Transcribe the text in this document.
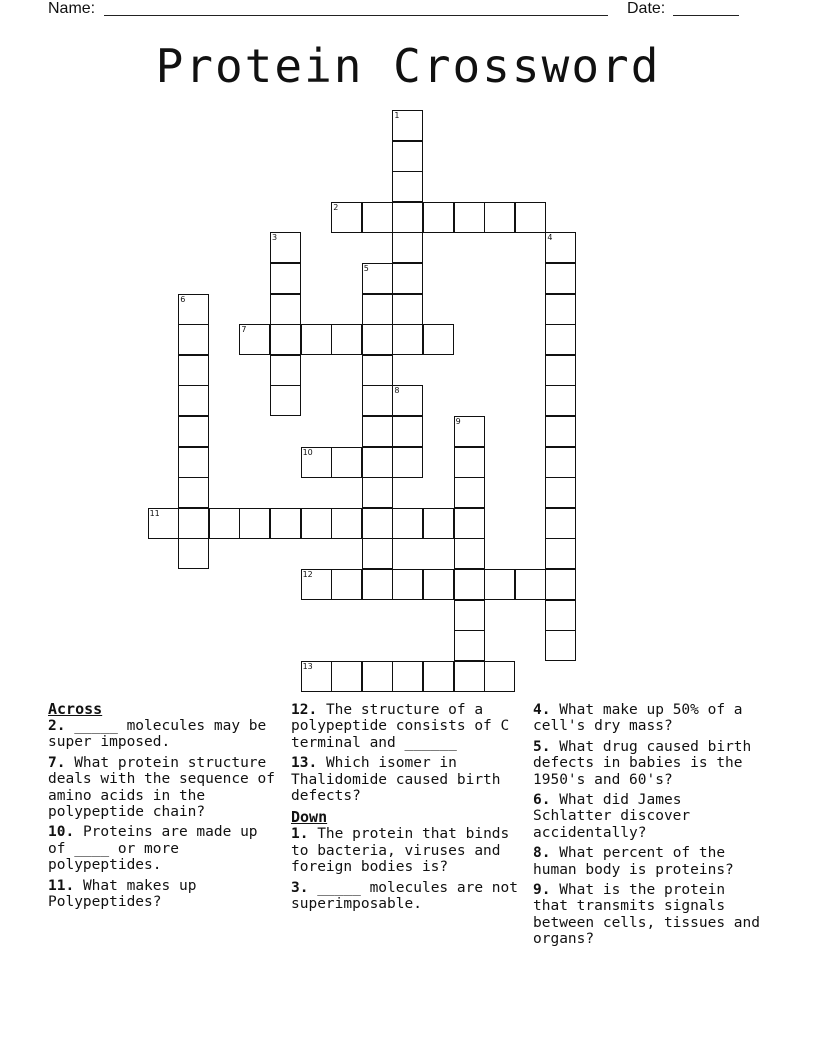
Name:	Date:
Protein Crossword
1
2
3	4
5
6
7
8
9
10
11
12
13
Across
2. _____ molecules may be super imposed.
7. What protein structure deals with the sequence of amino acids in the polypeptide chain?
10. Proteins are made up of ____ or more polypeptides.
11. What makes up Polypeptides?
12. The structure of a polypeptide consists of C terminal and ______
13. Which isomer in Thalidomide caused birth defects?
Down
1. The protein that binds to bacteria, viruses and foreign bodies is?
3. _____ molecules are not superimposable.
4. What make up 50% of a cell's dry mass?
5. What drug caused birth defects in babies is the 1950's and 60's?
6. What did James Schlatter discover accidentally?
8. What percent of the human body is proteins?
9. What is the protein that transmits signals between cells, tissues and organs?
